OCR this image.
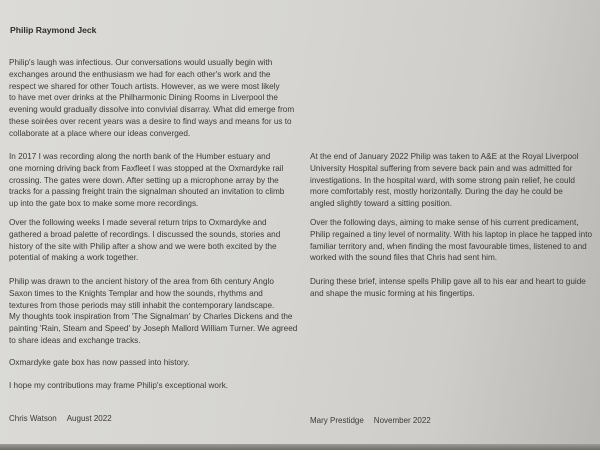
Philip Raymond Jeck
Philip's laugh was infectious. Our conversations would usually begin with
exchanges around the enthusiasm we had for each other's work and the
respect we shared for other Touch artists. However, as we were most likely
to have met over drinks at the Philharmonic Dining Rooms in Liverpool the
evening would gradually dissolve into convivial disarray. What did emerge from
these soirées over recent years was a desire to find ways and means for us to
collaborate at a place where our ideas converged.
In 2017 I was recording along the north bank of the Humber estuary and
one morning driving back from Faxfleet I was stopped at the Oxmardyke rail
crossing. The gates were down. After setting up a microphone array by the
tracks for a passing freight train the signalman shouted an invitation to climb
up into the gate box to make some more recordings.
Over the following weeks I made several return trips to Oxmardyke and
gathered a broad palette of recordings. I discussed the sounds, stories and
history of the site with Philip after a show and we were both excited by the
potential of making a work together.
Philip was drawn to the ancient history of the area from 6th century Anglo
Saxon times to the Knights Templar and how the sounds, rhythms and
textures from those periods may still inhabit the contemporary landscape.
My thoughts took inspiration from 'The Signalman' by Charles Dickens and the
painting 'Rain, Steam and Speed' by Joseph Mallord William Turner. We agreed
to share ideas and exchange tracks.
Oxmardyke gate box has now passed into history.
I hope my contributions may frame Philip's exceptional work.
Chris Watson August 2022
At the end of January 2022 Philip was taken to A&E at the Royal Liverpool
University Hospital suffering from severe back pain and was admitted for
investigations. In the hospital ward, with some strong pain relief, he could
more comfortably rest, mostly horizontally. During the day he could be
angled slightly toward a sitting position.
Over the following days, aiming to make sense of his current predicament,
Philip regained a tiny level of normality. With his laptop in place he tapped into
familiar territory and, when finding the most favourable times, listened to and
worked with the sound files that Chris had sent him.
During these brief, intense spells Philip gave all to his ear and heart to guide
and shape the music forming at his fingertips.
Mary Prestidge November 2022
